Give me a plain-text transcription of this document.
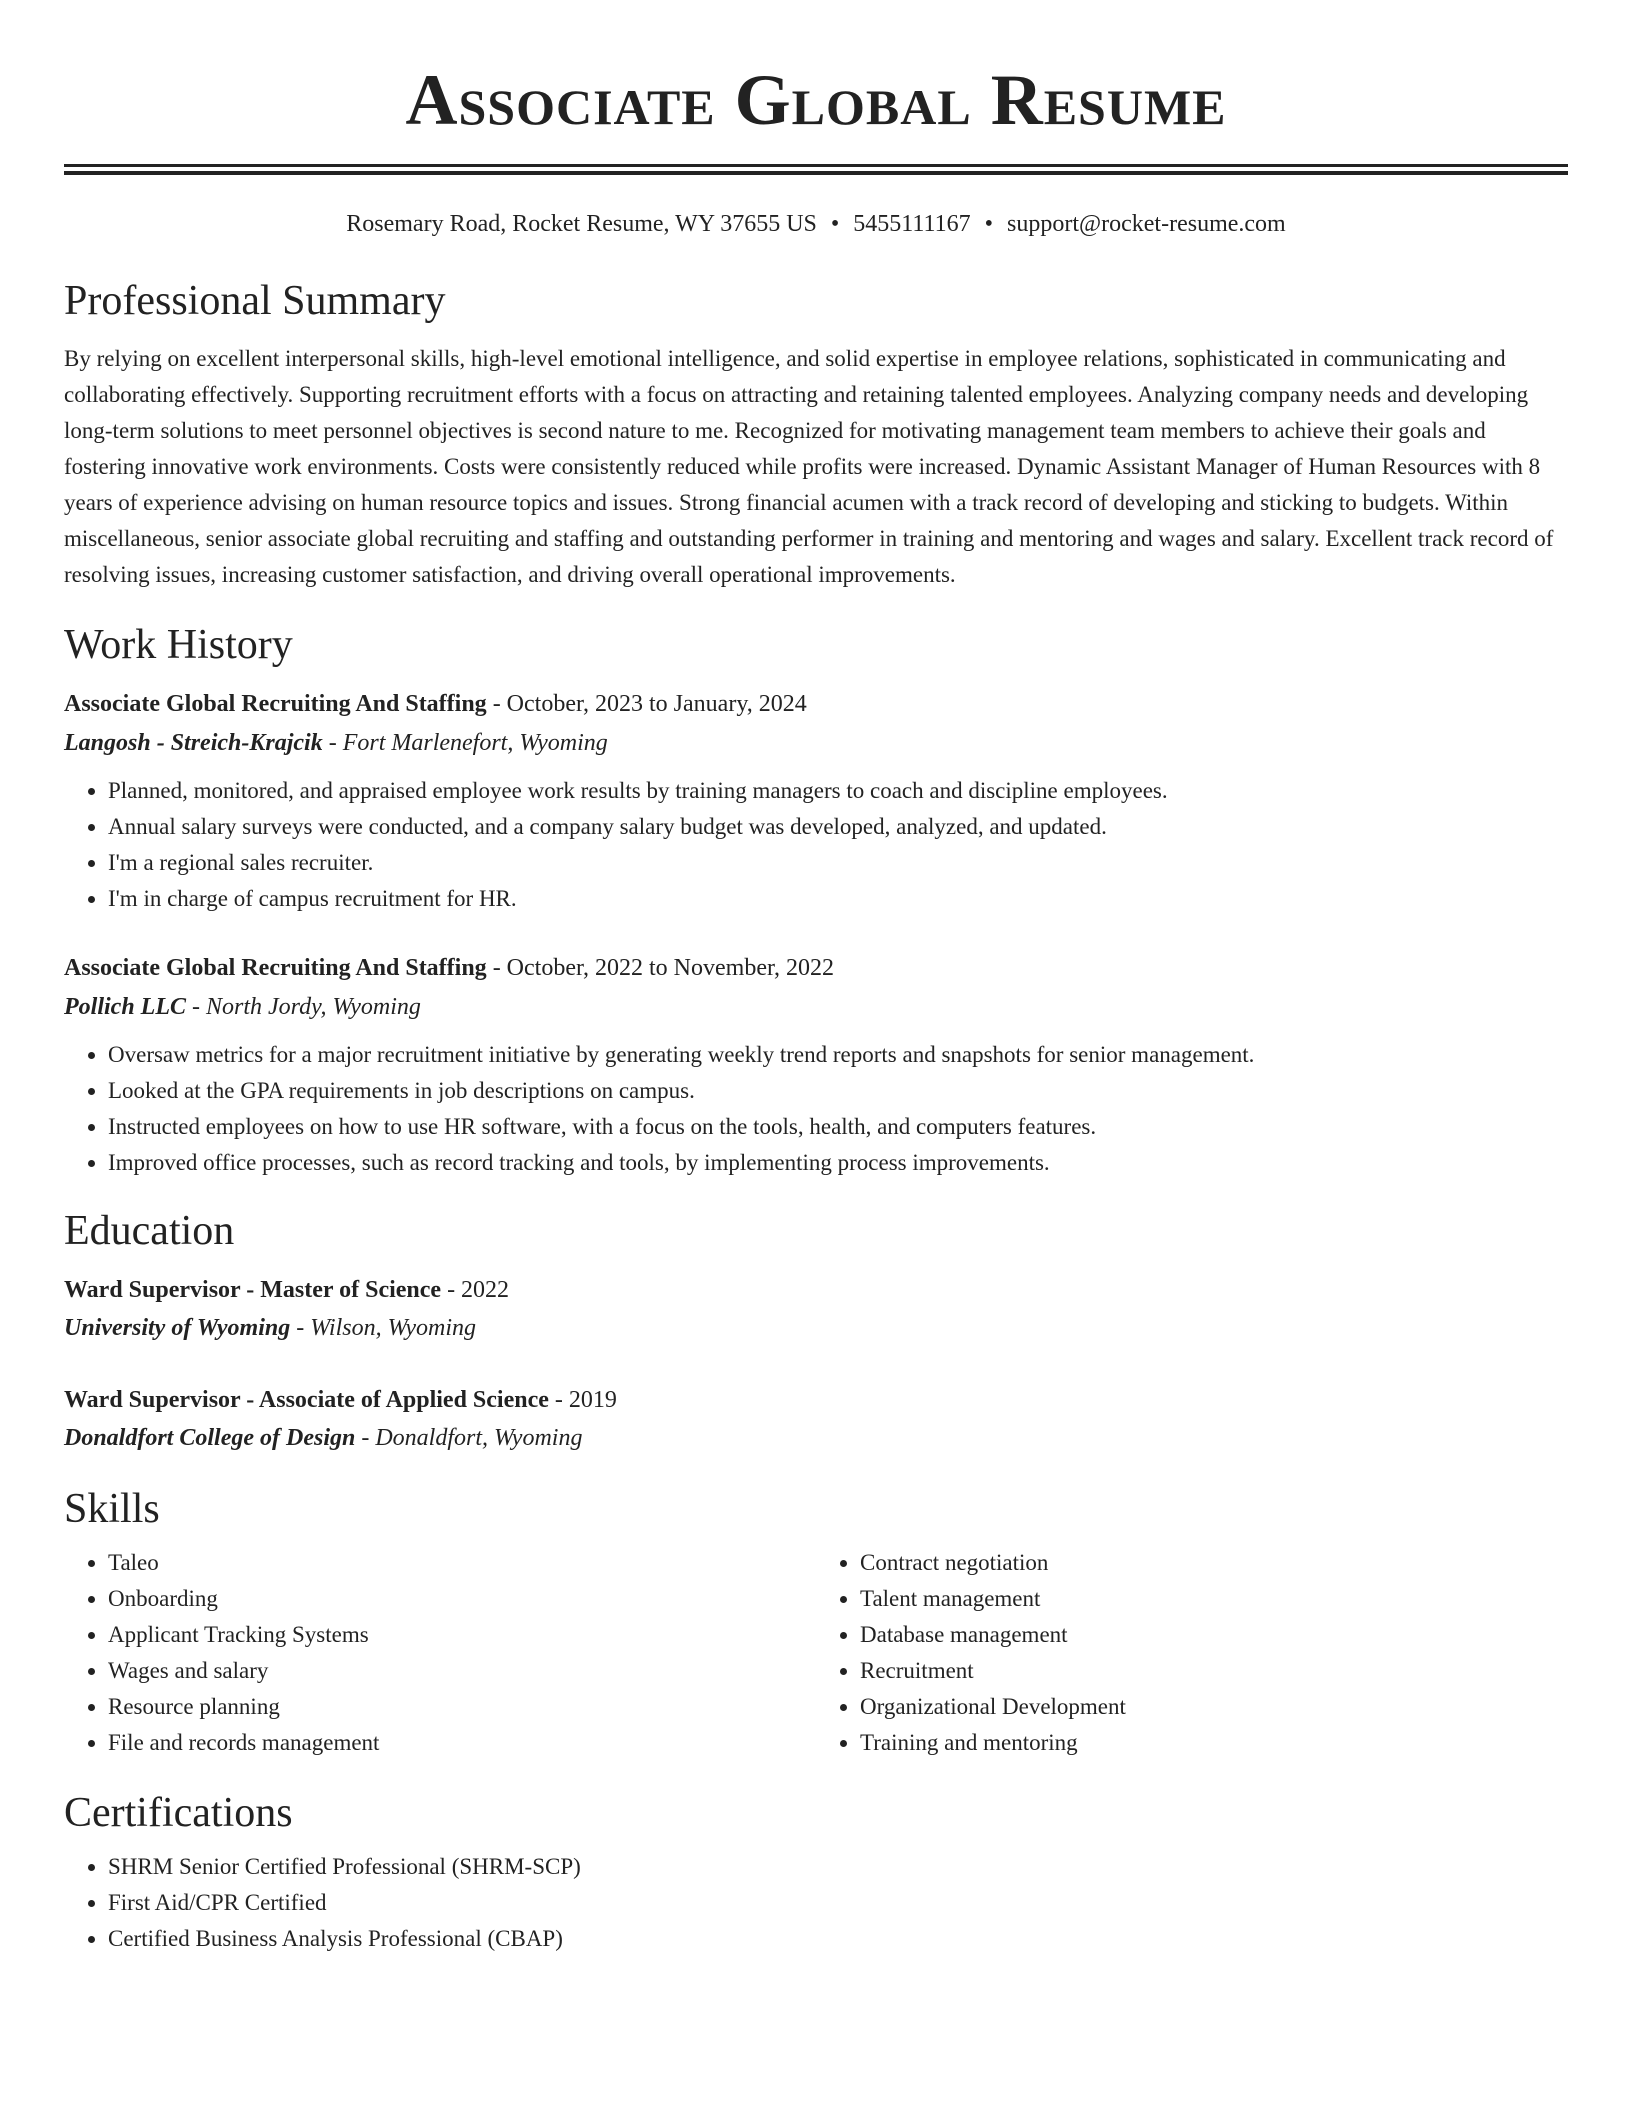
Associate Global Resume
Rosemary Road, Rocket Resume, WY 37655 US • 5455111167 • support@rocket-resume.com
Professional Summary
By relying on excellent interpersonal skills, high-level emotional intelligence, and solid expertise in employee relations, sophisticated in communicating and collaborating effectively. Supporting recruitment efforts with a focus on attracting and retaining talented employees. Analyzing company needs and developing long-term solutions to meet personnel objectives is second nature to me. Recognized for motivating management team members to achieve their goals and fostering innovative work environments. Costs were consistently reduced while profits were increased. Dynamic Assistant Manager of Human Resources with 8 years of experience advising on human resource topics and issues. Strong financial acumen with a track record of developing and sticking to budgets. Within miscellaneous, senior associate global recruiting and staffing and outstanding performer in training and mentoring and wages and salary. Excellent track record of resolving issues, increasing customer satisfaction, and driving overall operational improvements.
Work History
Associate Global Recruiting And Staffing - October, 2023 to January, 2024
Langosh - Streich-Krajcik - Fort Marlenefort, Wyoming
• Planned, monitored, and appraised employee work results by training managers to coach and discipline employees.
• Annual salary surveys were conducted, and a company salary budget was developed, analyzed, and updated.
• I'm a regional sales recruiter.
• I'm in charge of campus recruitment for HR.
Associate Global Recruiting And Staffing - October, 2022 to November, 2022
Pollich LLC - North Jordy, Wyoming
• Oversaw metrics for a major recruitment initiative by generating weekly trend reports and snapshots for senior management.
• Looked at the GPA requirements in job descriptions on campus.
• Instructed employees on how to use HR software, with a focus on the tools, health, and computers features.
• Improved office processes, such as record tracking and tools, by implementing process improvements.
Education
Ward Supervisor - Master of Science - 2022
University of Wyoming - Wilson, Wyoming
Ward Supervisor - Associate of Applied Science - 2019
Donaldfort College of Design - Donaldfort, Wyoming
Skills
• Taleo
• Onboarding
• Applicant Tracking Systems
• Wages and salary
• Resource planning
• File and records management
• Contract negotiation
• Talent management
• Database management
• Recruitment
• Organizational Development
• Training and mentoring
Certifications
• SHRM Senior Certified Professional (SHRM-SCP)
• First Aid/CPR Certified
• Certified Business Analysis Professional (CBAP)
